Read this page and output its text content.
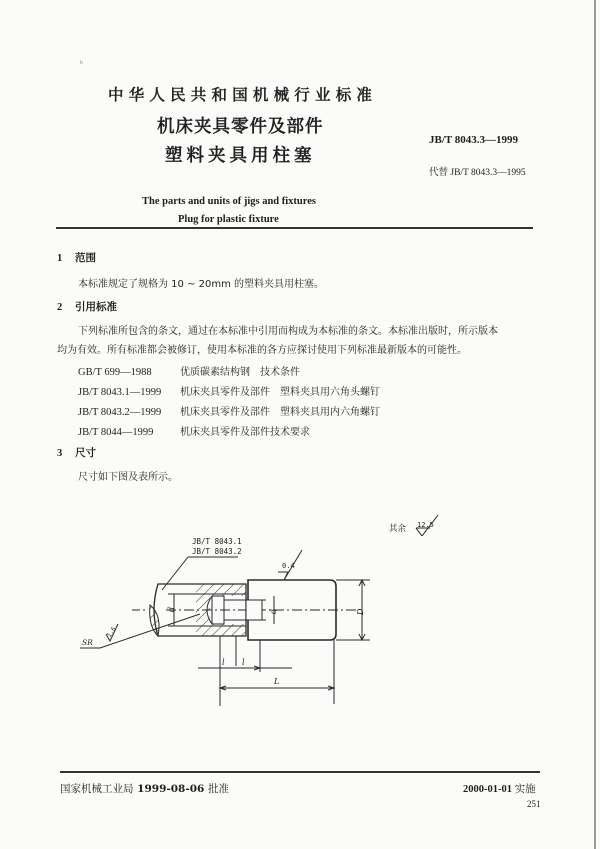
ᵇ
中华人民共和国机械行业标准
机床夹具零件及部件
塑料夹具用柱塞
The parts and units of jigs and fixtures
Plug for plastic fixture
JB/T 8043.3—1999
代替 JB/T 8043.3—1995
1 范围
本标准规定了规格为 10 ~ 20mm 的塑料夹具用柱塞。
2 引用标准
下列标准所包含的条文，通过在本标准中引用而构成为本标准的条文。本标准出版时，所示版本
均为有效。所有标准都会被修订，使用本标准的各方应探讨使用下列标准最新版本的可能性。
GB/T 699—1988	优质碳素结构钢　技术条件
JB/T 8043.1—1999 机床夹具零件及部件　塑料夹具用六角头螺钉
JB/T 8043.2—1999 机床夹具零件及部件　塑料夹具用内六角螺钉
JB/T 8044—1999	机床夹具零件及部件技术要求
3 尺寸
尺寸如下图及表所示。
其余 12.5
JB/T 8043.1
JB/T 8043.2
d	d	D
0.4
SR
1.6
l l
L
国家机械工业局 1999-08-06 批准	2000-01-01 实施
251
